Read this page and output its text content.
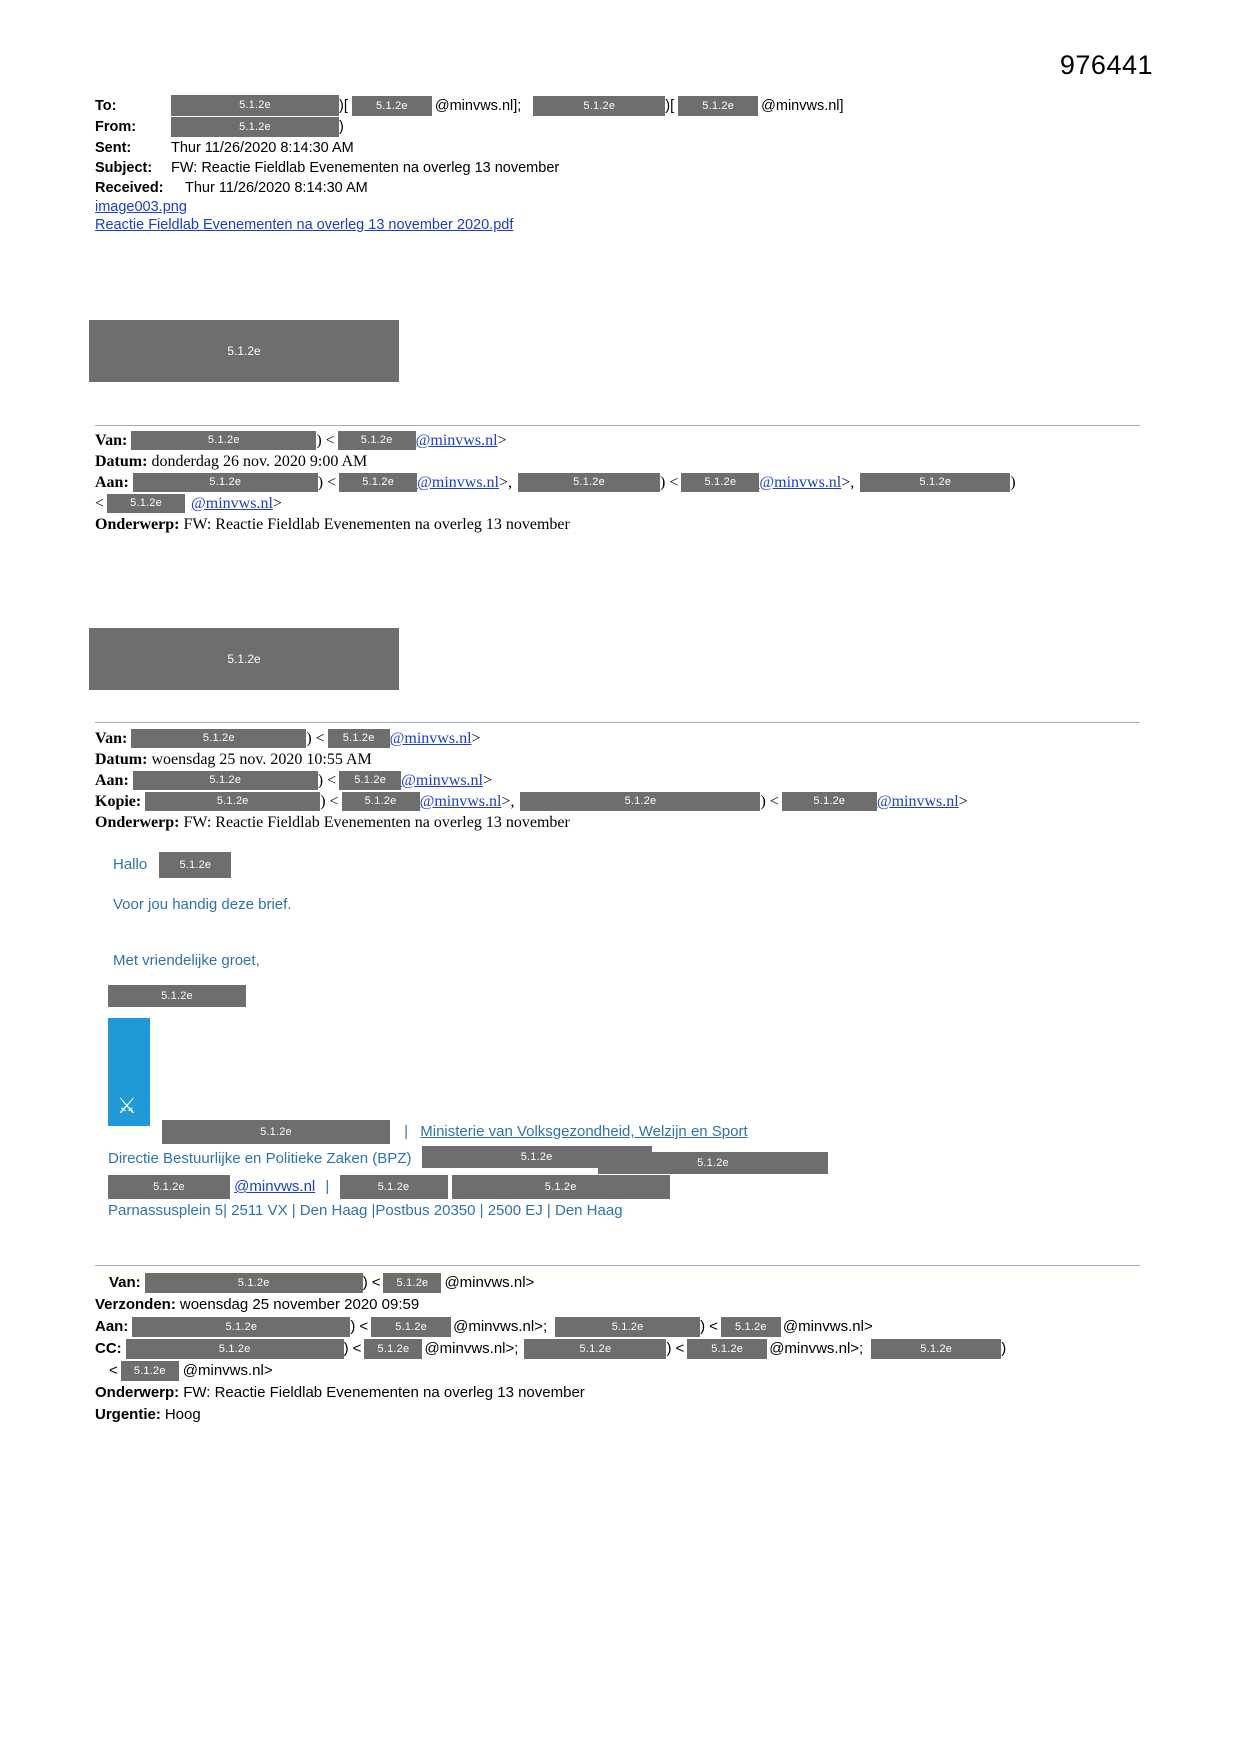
976441
To:	5.1.2e	)[	5.1.2e	@minvws.nl];	5.1.2e	)[	5.1.2e	@minvws.nl]
From:	5.1.2e	)
Sent:	Thur 11/26/2020 8:14:30 AM
Subject:	FW: Reactie Fieldlab Evenementen na overleg 13 november
Received:	Thur 11/26/2020 8:14:30 AM
image003.png
Reactie Fieldlab Evenementen na overleg 13 november 2020.pdf
5.1.2e
Van:	5.1.2e	) <	5.1.2e	@minvws.nl >
Datum: donderdag 26 nov. 2020 9:00 AM
Aan:	5.1.2e	) <	5.1.2e	@minvws.nl > ,	5.1.2e	) <	5.1.2e	@minvws.nl > ,	5.1.2e	)
<	5.1.2e	@minvws.nl >
Onderwerp: FW: Reactie Fieldlab Evenementen na overleg 13 november
5.1.2e
Van:	5.1.2e	) <	5.1.2e @minvws.nl >
Datum: woensdag 25 nov. 2020 10:55 AM
Aan:	5.1.2e	) <	5.1.2e @minvws.nl >
Kopie:	5.1.2e	) <	5.1.2e	@minvws.nl > ,	5.1.2e	) <	5.1.2e	@minvws.nl >
Onderwerp: FW: Reactie Fieldlab Evenementen na overleg 13 november
Hallo	5.1.2e
Voor jou handig deze brief.
Met vriendelijke groet,
5.1.2e
⚔
5.1.2e	| Ministerie van Volksgezondheid, Welzijn en Sport
Directie Bestuurlijke en Politieke Zaken (BPZ)	5.1.2e	5.1.2e
5.1.2e	@minvws.nl |	5.1.2e	5.1.2e
Parnassusplein 5| 2511 VX | Den Haag |Postbus 20350 | 2500 EJ | Den Haag
Van:	5.1.2e	) <	5.1.2e	@minvws.nl>
Verzonden: woensdag 25 november 2020 09:59
Aan:	5.1.2e	) <	5.1.2e	@minvws.nl>;	5.1.2e	) <	5.1.2e	@minvws.nl>
CC:	5.1.2e	) <	5.1.2e	@minvws.nl>;	5.1.2e	) <	5.1.2e	@minvws.nl>;	5.1.2e	)
<	5.1.2e	@minvws.nl>
Onderwerp: FW: Reactie Fieldlab Evenementen na overleg 13 november
Urgentie: Hoog
